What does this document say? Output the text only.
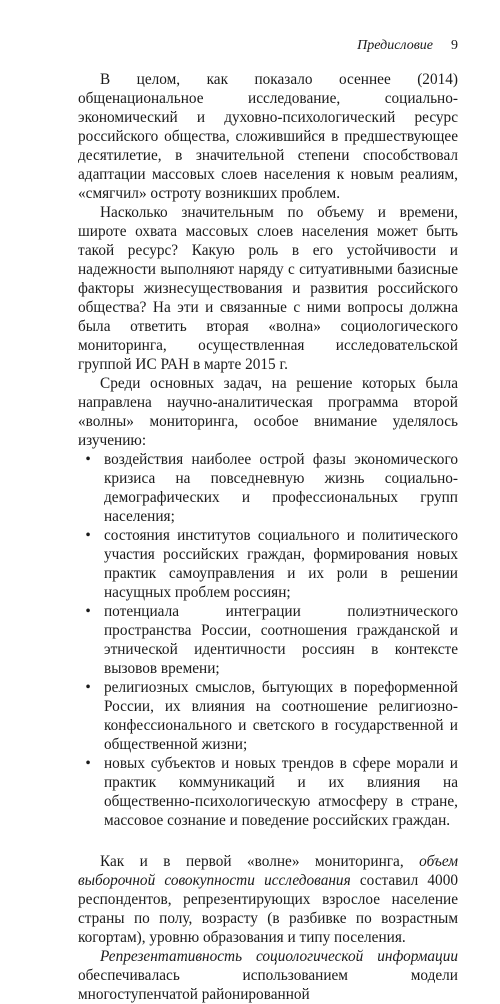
Предисловие 9

В целом, как показало осеннее (2014) общенациональное исследование, социально-экономический и духовно-психологический ресурс российского общества, сложившийся в предшествующее десятилетие, в значительной степени способствовал адаптации массовых слоев населения к новым реалиям, «смягчил» остроту возникших проблем.

Насколько значительным по объему и времени, широте охвата массовых слоев населения может быть такой ресурс? Какую роль в его устойчивости и надежности выполняют наряду с ситуативными базисные факторы жизнесуществования и развития российского общества? На эти и связанные с ними вопросы должна была ответить вторая «волна» социологического мониторинга, осуществленная исследовательской группой ИС РАН в марте 2015 г.

Среди основных задач, на решение которых была направлена научно-аналитическая программа второй «волны» мониторинга, особое внимание уделялось изучению:

• воздействия наиболее острой фазы экономического кризиса на повседневную жизнь социально-демографических и профессиональных групп населения;
• состояния институтов социального и политического участия российских граждан, формирования новых практик самоуправления и их роли в решении насущных проблем россиян;
• потенциала интеграции полиэтнического пространства России, соотношения гражданской и этнической идентичности россиян в контексте вызовов времени;
• религиозных смыслов, бытующих в пореформенной России, их влияния на соотношение религиозно-конфессионального и светского в государственной и общественной жизни;
• новых субъектов и новых трендов в сфере морали и практик коммуникаций и их влияния на общественно-психологическую атмосферу в стране, массовое сознание и поведение российских граждан.

Как и в первой «волне» мониторинга, объем выборочной совокупности исследования составил 4000 респондентов, репрезентирующих взрослое население страны по полу, возрасту (в разбивке по возрастным когортам), уровню образования и типу поселения.

Репрезентативность социологической информации обеспечивалась использованием модели многоступенчатой районированной
